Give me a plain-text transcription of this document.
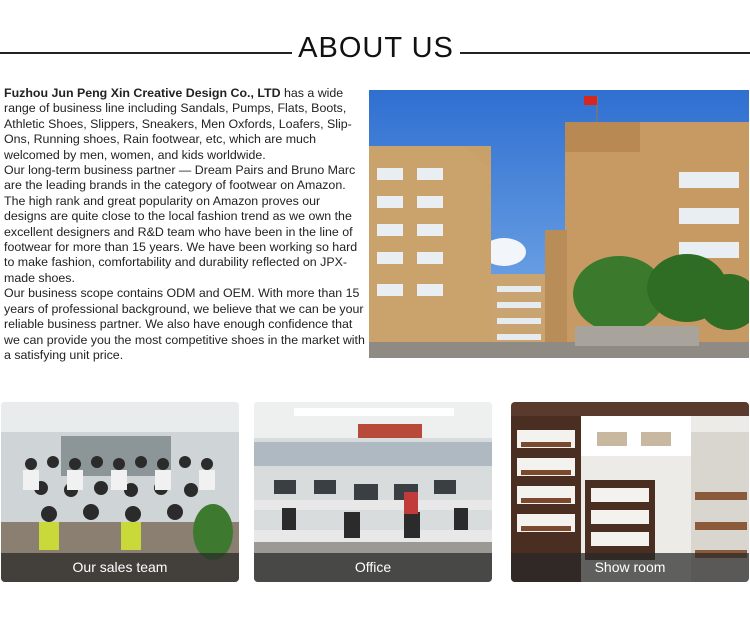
ABOUT US

Fuzhou Jun Peng Xin Creative Design Co., LTD has a wide range of business line including Sandals, Pumps, Flats, Boots, Athletic Shoes, Slippers, Sneakers, Men Oxfords, Loafers, Slip-Ons, Running shoes, Rain footwear, etc, which are much welcomed by men, women, and kids worldwide.

Our long-term business partner — Dream Pairs and Bruno Marc are the leading brands in the category of footwear on Amazon. The high rank and great popularity on Amazon proves our designs are quite close to the local fashion trend as we own the excellent designers and R&D team who have been in the line of footwear for more than 15 years. We have been working so hard to make fashion, comfortability and durability reflected on JPX-made shoes.

Our business scope contains ODM and OEM. With more than 15 years of professional background, we believe that we can be your reliable business partner. We also have enough confidence that we can provide you the most competitive shoes in the market with a satisfying unit price.

Our sales team	Office	Show room
